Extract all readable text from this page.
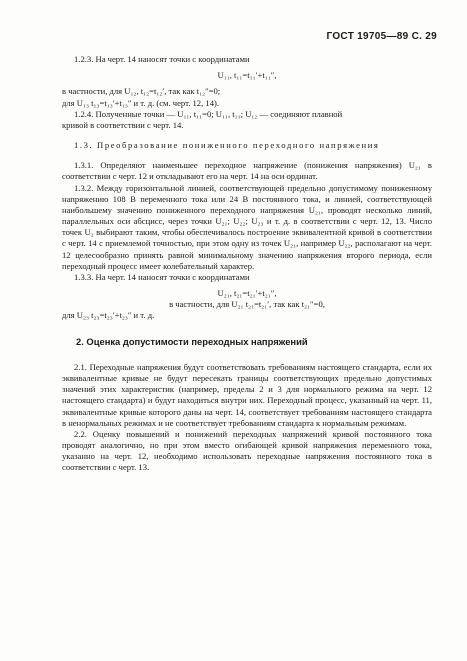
ГОСТ 19705—89 С. 29

1.2.3. На черт. 14 наносят точки с координатами

U₁₁, t₁₁=t₁₁′+t₁₁″,

в частности, для U₁₂, t₁₂=t₁₂′, так как t₁₂″=0;

для U₁₃ t₁₃=t₁₃′+t₁₃″ и т. д. (см. черт. 12, 14).

1.2.4. Полученные точки — U₁₁, t₁₁=0; U₁₁, t₁₁; U₁₂ — соединяют плавной

кривой в соответствии с черт. 14.

1.3. Преобразование пониженного переходного напряжения

1.3.1. Определяют наименьшее переходное напряжение (понижения напряжения) U₂₁ в соответствии с черт. 12 и откладывают его на черт. 14 на оси ординат.

1.3.2. Между горизонтальной линией, соответствующей предельно допустимому пониженному напряжению 108 В переменного тока или 24 В постоянного тока, и линией, соответствующей наибольшему значению пониженного переходного напряжения U₂₁, проводят несколько линий, параллельных оси абсцисс, через точки U₂₁; U₂₂; U₂₃ и т. д. в соответствии с черт. 12, 13. Число точек U₂ выбирают таким, чтобы обеспечивалось построение эквивалентной кривой в соответствии с черт. 14 с приемлемой точностью, при этом одну из точек U₂₁, например U₂₂, располагают на черт. 12 целесообразно принять равной минимальному значению напряжения второго периода, если переходный процесс имеет колебательный характер.

1.3.3. На черт. 14 наносят точки с координатами

U₂₁, t₂₁=t₂₁′+t₂₁″,

в частности, для U₂₁ t₂₁=t₂₁′, так как t₂₁″=0,

для U₂₃ t₂₃=t₂₃′+t₂₃″ и т. д.

2. Оценка допустимости переходных напряжений

2.1. Переходные напряжения будут соответствовать требованиям настоящего стандарта, если их эквивалентные кривые не будут пересекать границы соответствующих предельно допустимых значений этих характеристик (например, пределы 2 и 3 для нормального режима на черт. 12 настоящего стандарта) и будут находиться внутри них. Переходный процесс, указанный на черт. 11, эквивалентные кривые которого даны на черт. 14, соответствует требованиям настоящего стандарта в ненормальных режимах и не соответствует требованиям стандарта к нормальным режимам.

2.2. Оценку повышений и понижений переходных напряжений кривой постоянного тока проводят аналогично, но при этом вместо огибающей кривой напряжения переменного тока, указанно на черт. 12, необходимо использовать переходные напряжения постоянного тока в соответствии с черт. 13.
